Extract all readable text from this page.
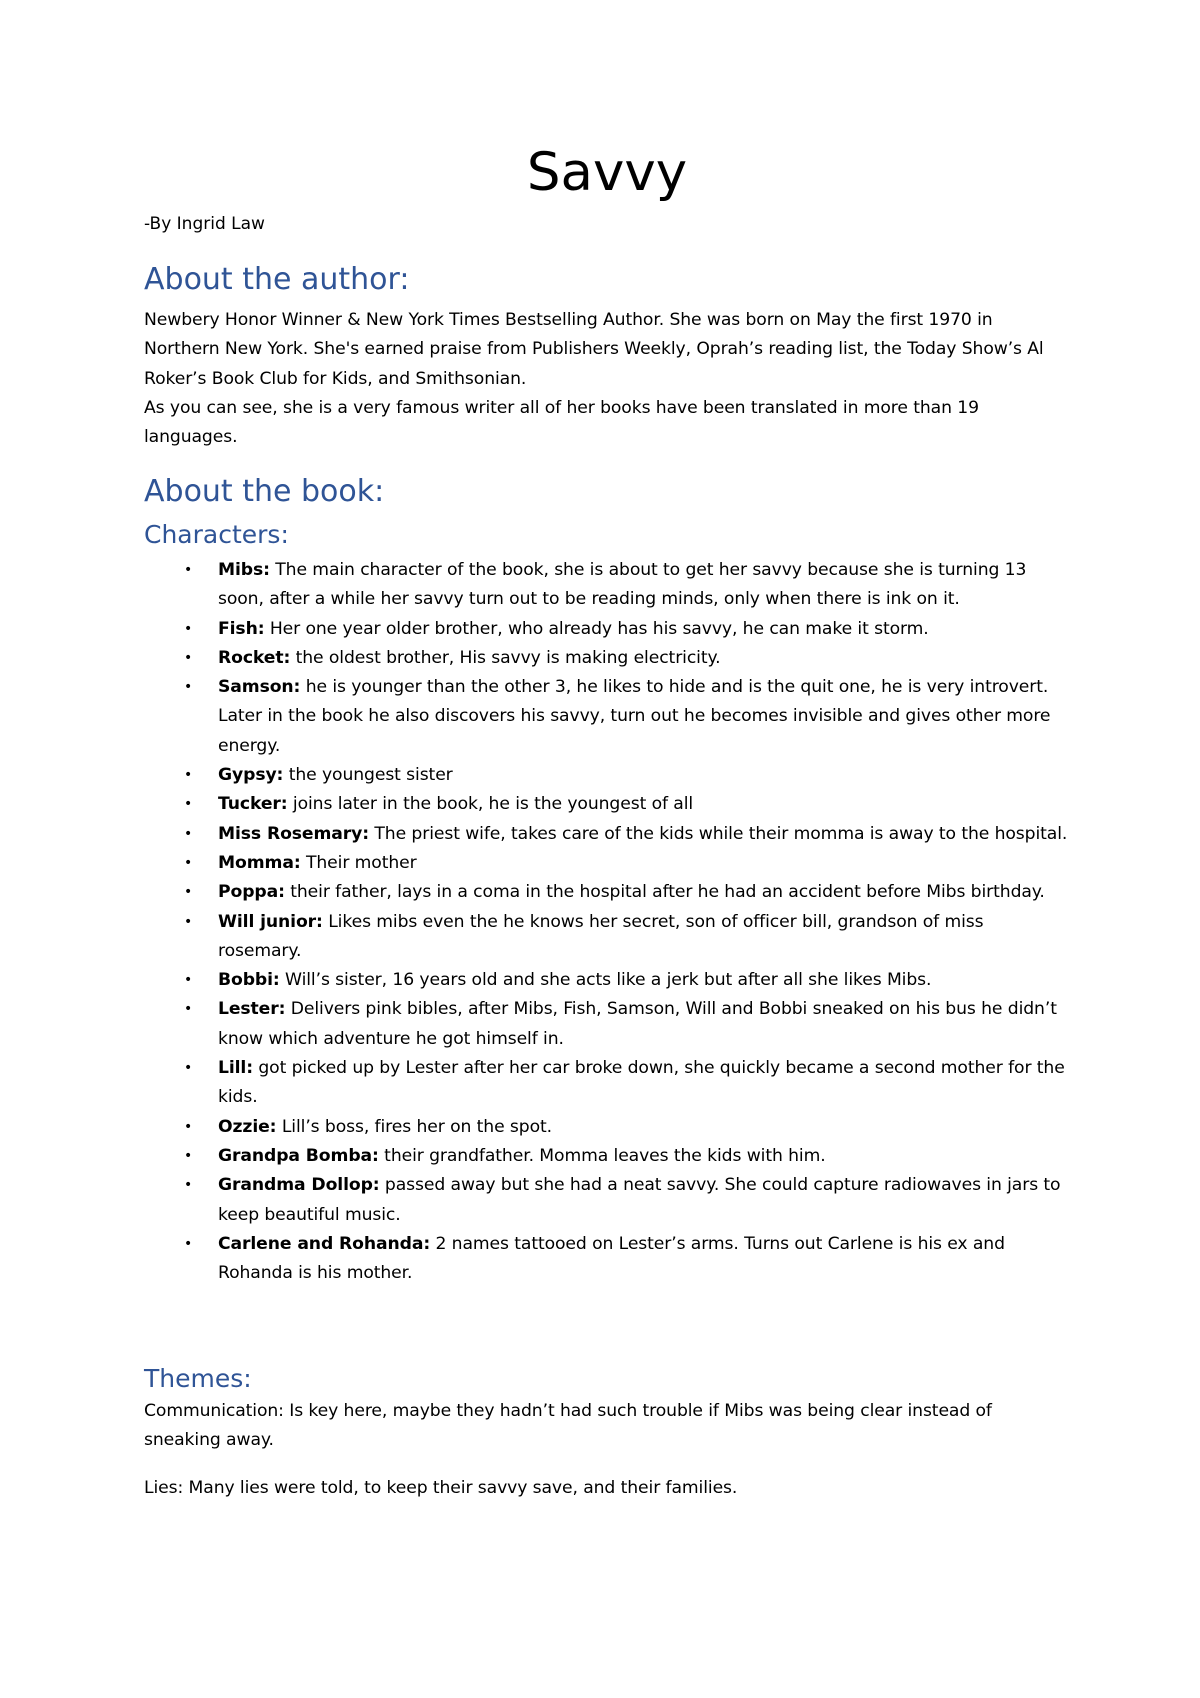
Savvy

-By Ingrid Law

About the author:

Newbery Honor Winner & New York Times Bestselling Author. She was born on May the first 1970 in Northern New York. She's earned praise from Publishers Weekly, Oprah’s reading list, the Today Show’s Al Roker’s Book Club for Kids, and Smithsonian.

As you can see, she is a very famous writer all of her books have been translated in more than 19 languages.

About the book:
Characters:
• Mibs: The main character of the book, she is about to get her savvy because she is turning 13 soon, after a while her savvy turn out to be reading minds, only when there is ink on it.
• Fish: Her one year older brother, who already has his savvy, he can make it storm.
• Rocket: the oldest brother, His savvy is making electricity.
• Samson: he is younger than the other 3, he likes to hide and is the quit one, he is very introvert. Later in the book he also discovers his savvy, turn out he becomes invisible and gives other more energy.
• Gypsy: the youngest sister
• Tucker: joins later in the book, he is the youngest of all
• Miss Rosemary: The priest wife, takes care of the kids while their momma is away to the hospital.
• Momma: Their mother
• Poppa: their father, lays in a coma in the hospital after he had an accident before Mibs birthday.
• Will junior: Likes mibs even the he knows her secret, son of officer bill, grandson of miss rosemary.
• Bobbi: Will’s sister, 16 years old and she acts like a jerk but after all she likes Mibs.
• Lester: Delivers pink bibles, after Mibs, Fish, Samson, Will and Bobbi sneaked on his bus he didn’t know which adventure he got himself in.
• Lill: got picked up by Lester after her car broke down, she quickly became a second mother for the kids.
• Ozzie: Lill’s boss, fires her on the spot.
• Grandpa Bomba: their grandfather. Momma leaves the kids with him.
• Grandma Dollop: passed away but she had a neat savvy. She could capture radiowaves in jars to keep beautiful music.
• Carlene and Rohanda: 2 names tattooed on Lester’s arms. Turns out Carlene is his ex and Rohanda is his mother.
Themes:

Communication: Is key here, maybe they hadn’t had such trouble if Mibs was being clear instead of sneaking away.

Lies: Many lies were told, to keep their savvy save, and their families.
